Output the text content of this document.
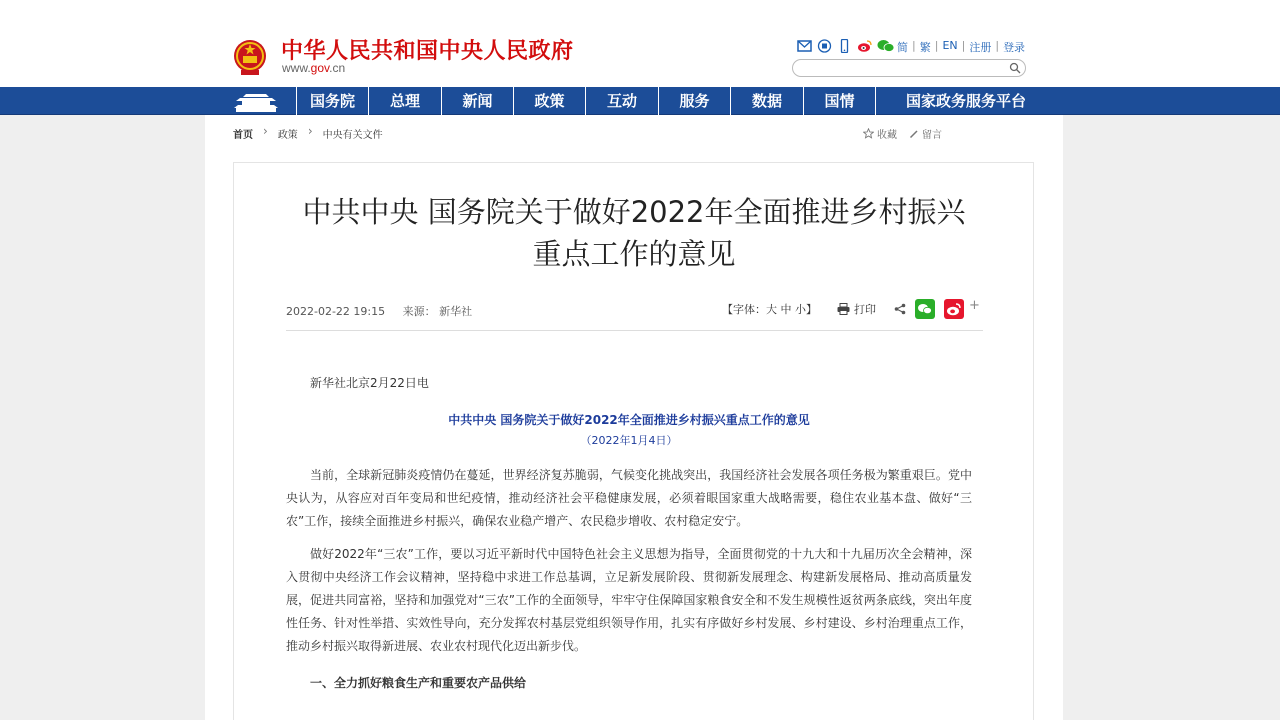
中华人民共和国中央人民政府
www.gov.cn
简 | 繁 | EN | 注册 | 登录
国务院	总理	新闻	政策	互动	服务	数据	国情	国家政务服务平台
首页 › 政策 › 中央有关文件	收藏	留言
中共中央 国务院关于做好2022年全面推进乡村振兴
重点工作的意见
2022-02-22 19:15 来源： 新华社	【字体：大 中 小】	打印	+
新华社北京2月22日电
中共中央 国务院关于做好2022年全面推进乡村振兴重点工作的意见
（2022年1月4日）

当前，全球新冠肺炎疫情仍在蔓延，世界经济复苏脆弱，气候变化挑战突出，我国经济社会发展各项任务极为繁重艰巨。党中央认为，从容应对百年变局和世纪疫情，推动经济社会平稳健康发展，必须着眼国家重大战略需要，稳住农业基本盘、做好“三农”工作，接续全面推进乡村振兴，确保农业稳产增产、农民稳步增收、农村稳定安宁。

做好2022年“三农”工作，要以习近平新时代中国特色社会主义思想为指导，全面贯彻党的十九大和十九届历次全会精神，深入贯彻中央经济工作会议精神，坚持稳中求进工作总基调，立足新发展阶段、贯彻新发展理念、构建新发展格局、推动高质量发展，促进共同富裕，坚持和加强党对“三农”工作的全面领导，牢牢守住保障国家粮食安全和不发生规模性返贫两条底线，突出年度性任务、针对性举措、实效性导向，充分发挥农村基层党组织领导作用，扎实有序做好乡村发展、乡村建设、乡村治理重点工作，推动乡村振兴取得新进展、农业农村现代化迈出新步伐。

一、全力抓好粮食生产和重要农产品供给
